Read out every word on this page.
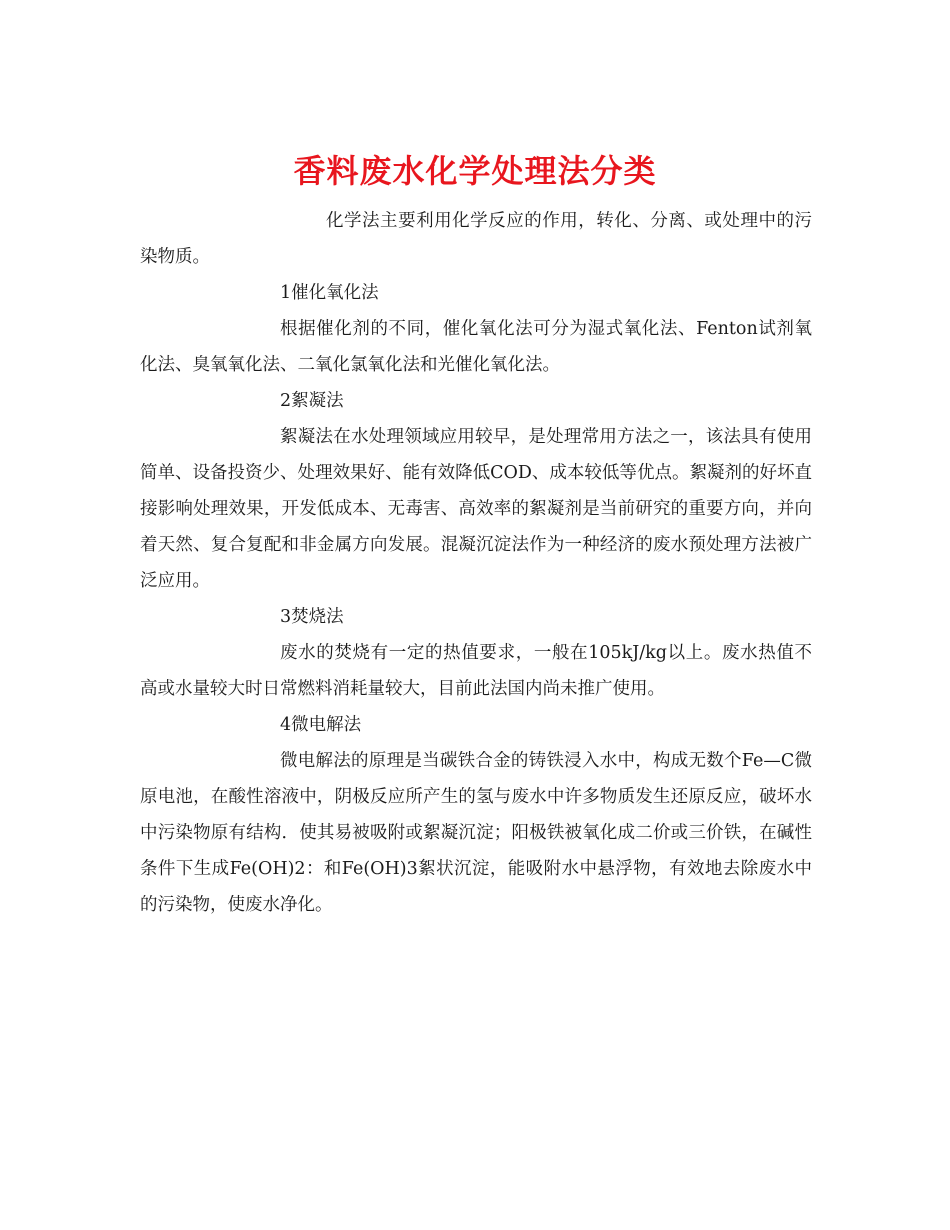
香料废水化学处理法分类

化学法主要利用化学反应的作用，转化、分离、或处理中的污染物质。

1催化氧化法

根据催化剂的不同，催化氧化法可分为湿式氧化法、Fenton试剂氧化法、臭氧氧化法、二氧化氯氧化法和光催化氧化法。

2絮凝法

絮凝法在水处理领域应用较早，是处理常用方法之一，该法具有使用简单、设备投资少、处理效果好、能有效降低COD、成本较低等优点。絮凝剂的好坏直接影响处理效果，开发低成本、无毒害、高效率的絮凝剂是当前研究的重要方向，并向着天然、复合复配和非金属方向发展。混凝沉淀法作为一种经济的废水预处理方法被广泛应用。

3焚烧法

废水的焚烧有一定的热值要求，一般在105kJ/kg以上。废水热值不高或水量较大时日常燃料消耗量较大，目前此法国内尚未推广使用。

4微电解法

微电解法的原理是当碳铁合金的铸铁浸入水中，构成无数个Fe—C微原电池，在酸性溶液中，阴极反应所产生的氢与废水中许多物质发生还原反应，破坏水中污染物原有结构．使其易被吸附或絮凝沉淀；阳极铁被氧化成二价或三价铁，在碱性条件下生成Fe(OH)2：和Fe(OH)3絮状沉淀，能吸附水中悬浮物，有效地去除废水中的污染物，使废水净化。
